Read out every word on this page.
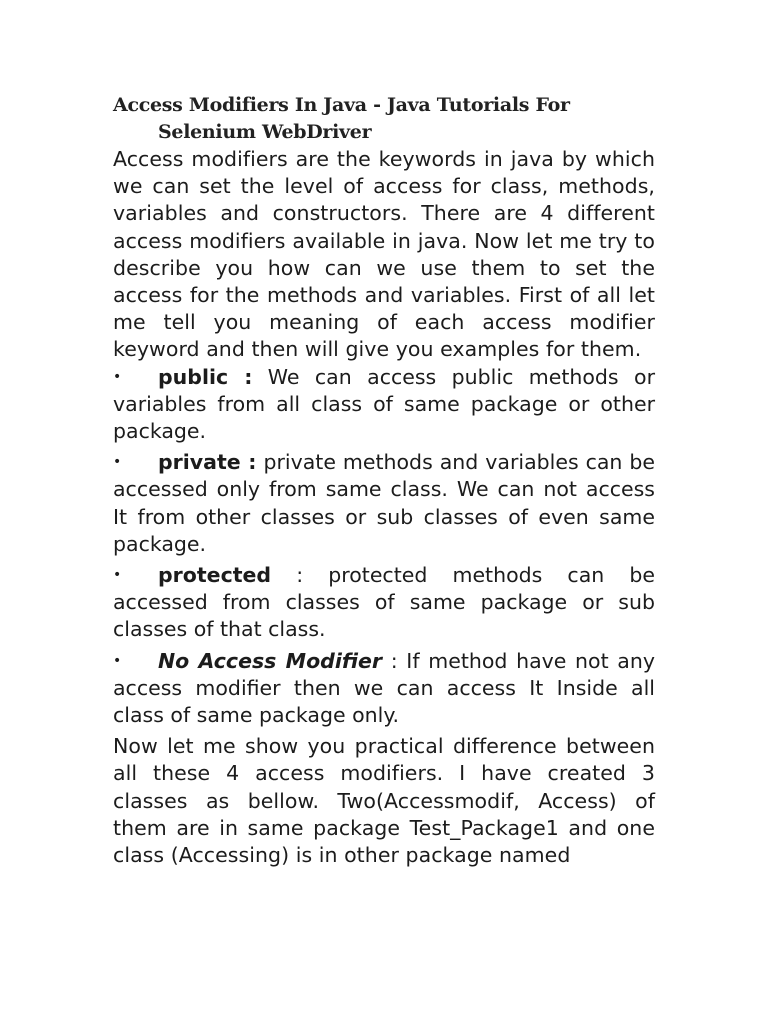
Access Modifiers In Java - Java Tutorials For
Selenium WebDriver

Access modifiers are the keywords in java by which we can set the level of access for class, methods, variables and constructors. There are 4 different access modifiers available in java. Now let me try to describe you how can we use them to set the access for the methods and variables. First of all let me tell you meaning of each access modifier keyword and then will give you examples for them.

• public : We can access public methods or variables from all class of same package or other package.
• private : private methods and variables can be accessed only from same class. We can not access It from other classes or sub classes of even same package.
• protected : protected methods can be accessed from classes of same package or sub classes of that class.
• No Access Modifier : If method have not any access modifier then we can access It Inside all class of same package only.

Now let me show you practical difference between all these 4 access modifiers. I have created 3 classes as bellow. Two(Accessmodif, Access) of them are in same package Test_Package1 and one class (Accessing) is in other package named
